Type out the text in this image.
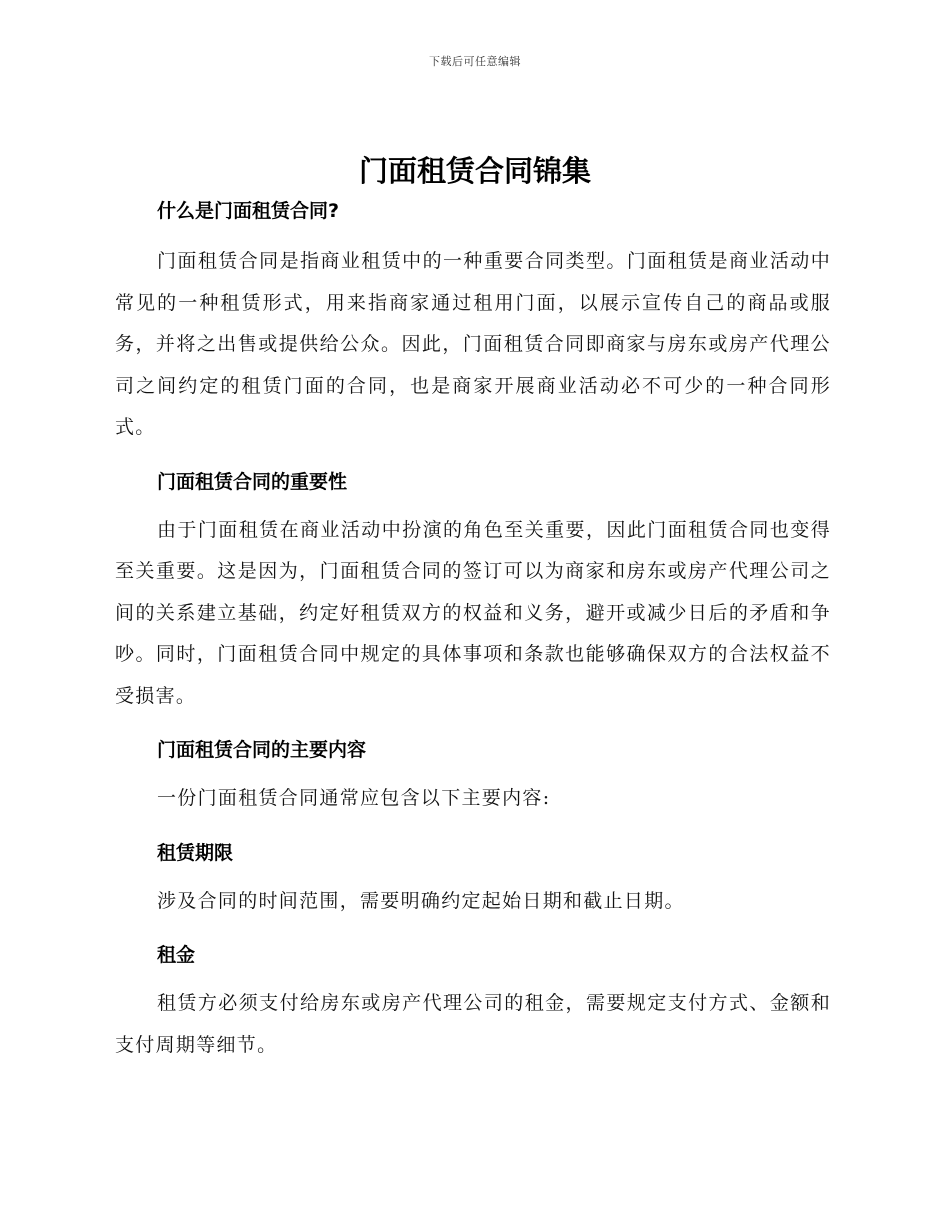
下载后可任意编辑
门面租赁合同锦集
什么是门面租赁合同?

门面租赁合同是指商业租赁中的一种重要合同类型。门面租赁是商业活动中常见的一种租赁形式，用来指商家通过租用门面，以展示宣传自己的商品或服务，并将之出售或提供给公众。因此，门面租赁合同即商家与房东或房产代理公司之间约定的租赁门面的合同，也是商家开展商业活动必不可少的一种合同形式。

门面租赁合同的重要性

由于门面租赁在商业活动中扮演的角色至关重要，因此门面租赁合同也变得至关重要。这是因为，门面租赁合同的签订可以为商家和房东或房产代理公司之间的关系建立基础，约定好租赁双方的权益和义务，避开或减少日后的矛盾和争吵。同时，门面租赁合同中规定的具体事项和条款也能够确保双方的合法权益不受损害。

门面租赁合同的主要内容

一份门面租赁合同通常应包含以下主要内容:

租赁期限

涉及合同的时间范围，需要明确约定起始日期和截止日期。

租金

租赁方必须支付给房东或房产代理公司的租金，需要规定支付方式、金额和支付周期等细节。
